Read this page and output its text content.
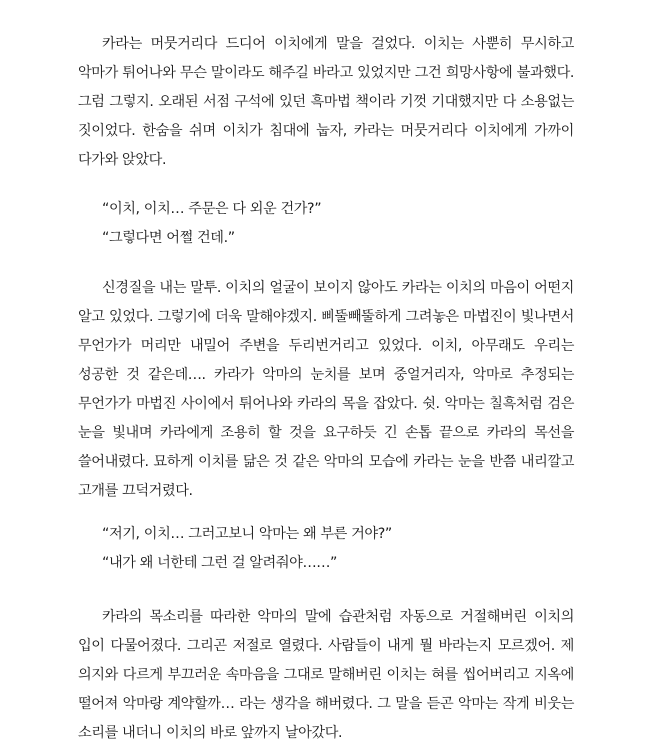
카라는 머뭇거리다 드디어 이치에게 말을 걸었다. 이치는 사뿐히 무시하고 악마가 튀어나와 무슨 말이라도 해주길 바라고 있었지만 그건 희망사항에 불과했다. 그럼 그렇지. 오래된 서점 구석에 있던 흑마법 책이라 기껏 기대했지만 다 소용없는 짓이었다. 한숨을 쉬며 이치가 침대에 눕자, 카라는 머뭇거리다 이치에게 가까이 다가와 앉았다.

“이치, 이치… 주문은 다 외운 건가?”
“그렇다면 어쩔 건데.”

신경질을 내는 말투. 이치의 얼굴이 보이지 않아도 카라는 이치의 마음이 어떤지 알고 있었다. 그렇기에 더욱 말해야겠지. 삐뚤빼뚤하게 그려놓은 마법진이 빛나면서 무언가가 머리만 내밀어 주변을 두리번거리고 있었다. 이치, 아무래도 우리는 성공한 것 같은데…. 카라가 악마의 눈치를 보며 중얼거리자, 악마로 추정되는 무언가가 마법진 사이에서 튀어나와 카라의 목을 잡았다. 쉿. 악마는 칠흑처럼 검은 눈을 빛내며 카라에게 조용히 할 것을 요구하듯 긴 손톱 끝으로 카라의 목선을 쓸어내렸다. 묘하게 이치를 닮은 것 같은 악마의 모습에 카라는 눈을 반쯤 내리깔고 고개를 끄덕거렸다.

“저기, 이치… 그러고보니 악마는 왜 부른 거야?”
“내가 왜 너한테 그런 걸 알려줘야……”

카라의 목소리를 따라한 악마의 말에 습관처럼 자동으로 거절해버린 이치의 입이 다물어졌다. 그리곤 저절로 열렸다. 사람들이 내게 뭘 바라는지 모르겠어. 제 의지와 다르게 부끄러운 속마음을 그대로 말해버린 이치는 혀를 씹어버리고 지옥에 떨어져 악마랑 계약할까… 라는 생각을 해버렸다. 그 말을 듣곤 악마는 작게 비웃는 소리를 내더니 이치의 바로 앞까지 날아갔다.
